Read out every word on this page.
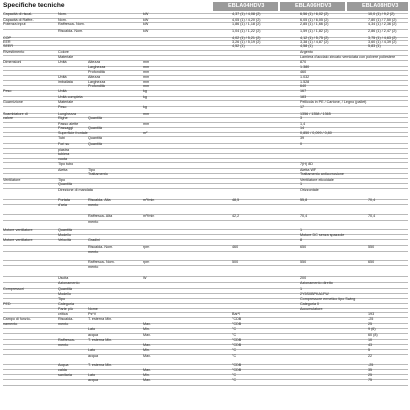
Specifiche tecniche	EBLA04HDV3	EBLA06HDV3	EBLA08HDV3
Capacità di riscal-	Nom.	kW	4,37 (1) / 4,08 (2)	6,56 (1) / 6,02 (2)	10,0 (1) / 9,2 (2)
Capacità di Raffre-	Nom.	kW	4,05 (1) / 4,20 (2)	6,05 (1) / 6,05 (2)	7,80 (1) / 7,50 (2)
Potenza input	Raffresca- Nom.	kW	1,86 (1) / 1,18 (2)	2,85 (1) / 1,66 (2)	4,34 (1) / 2,36 (2)
Riscalda- Nom.	kW	1,04 (1) / 1,22 (2)	1,59 (1) / 1,82 (2)	2,86 (1) / 2,47 (2)
COP	4,02 (1) / 5,21 (2)	4,12 (1) / 5,75 (2)	3,75 (1) / 4,63 (2)
EER	3,26 (1) / 5,19 (2)	3,38 (1) / 4,87 (2)	3,60 (1) / 4,39 (2)
SEER	4,52 (1)	4,58 (1)	5,83 (1)
Rivestimento	Colore	Argento
Materiale	Lamiera d'acciaio zincato verniciata con polvere poliestere
Dimensioni	Unità	Altezza	mm	870
Larghezza	mm	1.380
Profondità	mm	460
Unità	Altezza	mm	1.032
imballata	Larghezza	mm	1.528
Profondità	mm	640
Peso	Unità	kg	167
Unità completa	kg	183
Guarnizione	Materiale	Pellicola in PE / Cartone, / Legno (pallet)
Peso	kg	17
Scambiatore di	Lunghezza	mm	1356 / 1358 / 1365
calore	Righe	Quantità	3
Passo alette	mm	1,4
Passaggi	Quantità	14
Superficie frontale	m²	0,850 / 0,099 / 0,80
Tubi	Quantità	39
Fori su	Quantità	0
piastra
tubiera
vuota
Tipo tubo	7(H) 8D
Aletta	Tipo	Aletta WF
Trattamento	Trattamento anticorrosione
Ventilatore	Tipo	Ventilatore elicoidale
Quantità	1
Direzione di mandata	Orizzontale
Portata	Riscalda- Alta	m³/min	48,5	55,8	70,4
d'aria	mento
Raffresca- Alta	m³/min	42,2	70,4	70,4
mento
Motore ventilatore	Quantità	1
Modello	Motore DC senza spazzole
Motore ventilatore	Velocità	Gradini	8
Riscalda- Nom.	rpm	460	650	550
mento
Raffresca- Nom.	rpm	500	550	650
mento
Uscita	W	200
Azionamento	Azionamento diretto
Compressori	Quantità	1
Modello	2Y5S0BPKA1FW
Tipo	Compressore ermetico tipo Swing
PED	Categoria	Categoria II
Parte più	Nome	Accumulatore
critica	Ps*V	Bar*l	193
Campo di funzio-	Riscalda-	T. esterna Min.	°CDB	-25
namento	mento	Max.	°CDB	25
Lato	Min.	°C	9 (6)
acqua	Max.	°C	60 (8)
Raffresca-	T. esterna Min.	°CDB	10
mento	Max.	°CDB	43
Lato	Min.	°C	5
acqua	Max.	°C	22
Acqua	T. esterna Min.	°CDB	-25
calda	Max.	°CDB	35
sanitaria	Lato	Min.	°C	25
acqua	Max.	°C	75
